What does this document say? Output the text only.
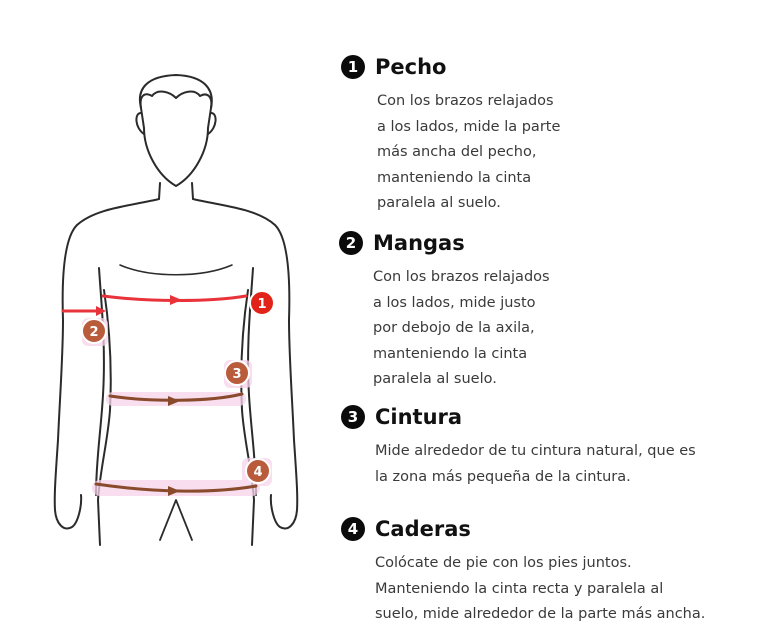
1
2
3
4
1 Pecho

Con los brazos relajados
a los lados, mide la parte
más ancha del pecho,
manteniendo la cinta
paralela al suelo.

2 Mangas

Con los brazos relajados
a los lados, mide justo
por debojo de la axila,
manteniendo la cinta
paralela al suelo.

3 Cintura

Mide alrededor de tu cintura natural, que es
la zona más pequeña de la cintura.

4 Caderas

Colócate de pie con los pies juntos.
Manteniendo la cinta recta y paralela al
suelo, mide alrededor de la parte más ancha.
